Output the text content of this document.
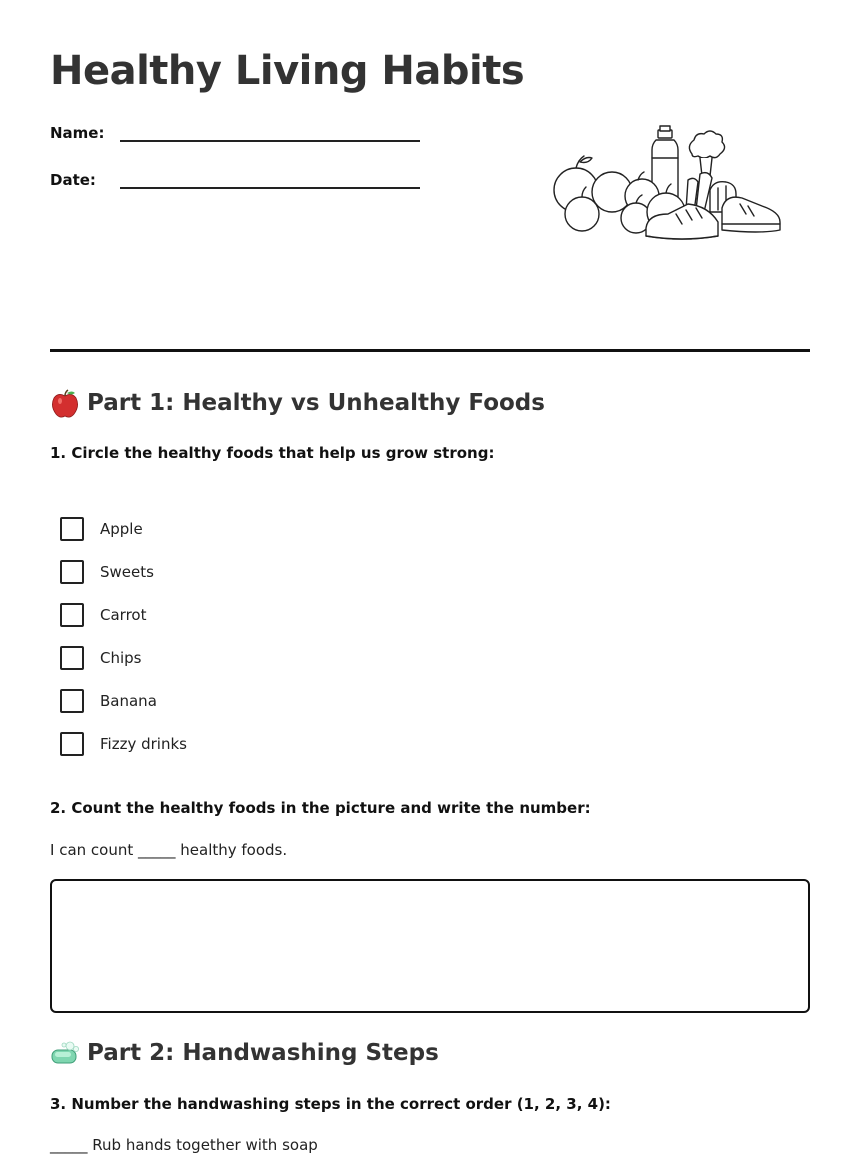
Healthy Living Habits
Name:
Date:
Part 1: Healthy vs Unhealthy Foods

1. Circle the healthy foods that help us grow strong:

Apple
Sweets
Carrot
Chips
Banana
Fizzy drinks

2. Count the healthy foods in the picture and write the number:

I can count _____ healthy foods.
Part 2: Handwashing Steps

3. Number the handwashing steps in the correct order (1, 2, 3, 4):

_____ Rub hands together with soap
